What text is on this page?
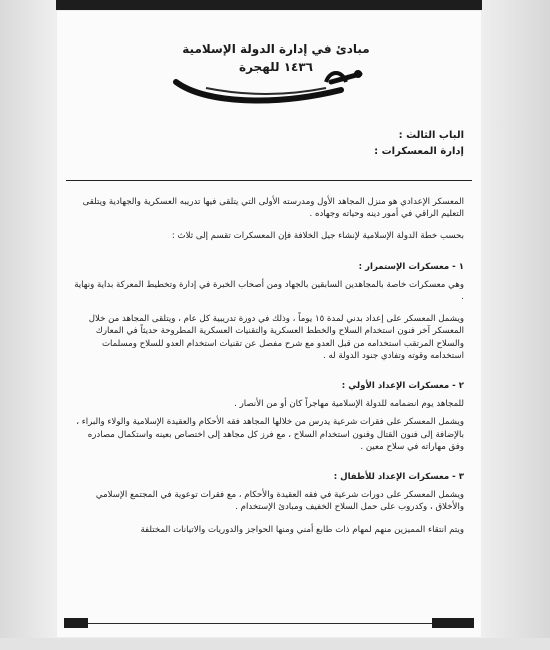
مبادئ في إدارة الدولة الإسلامية
١٤٣٦ للهجرة

الباب الثالث :

إدارة المعسكرات :

المعسكر الإعدادي هو منزل المجاهد الأول ومدرسته الأولى التي يتلقى فيها تدريبه العسكرية والجهادية ويتلقى التعليم الراقي في أمور دينه وحياته وجهاده .

بحسب خطة الدولة الإسلامية لإنشاء جيل الخلافة فإن المعسكرات تقسم إلى ثلاث :

١ - معسكرات الإستمرار :

وهي معسكرات خاصة بالمجاهدين السابقين بالجهاد ومن أصحاب الخبرة في إدارة وتخطيط المعركة بداية ونهاية .

ويشمل المعسكر على إعداد بدني لمدة ١٥ يوماً ، وذلك في دورة تدريبية كل عام ، ويتلقى المجاهد من خلال المعسكر آخر فنون استخدام السلاح والخطط العسكرية والتقنيات العسكرية المطروحة حديثاً في المعارك والسلاح المرتقب استخدامه من قبل العدو مع شرح مفصل عن تقنيات استخدام العدو للسلاح ومسلمات استخدامه وقوته وتفادي جنود الدولة له .

٢ - معسكرات الإعداد الأولي :

للمجاهد يوم انضمامه للدولة الإسلامية مهاجراً كان أو من الأنصار .

ويشمل المعسكر على فقرات شرعية يدرس من خلالها المجاهد فقه الأحكام والعقيدة الإسلامية والولاء والبراء ، بالإضافة إلى فنون القتال وفنون استخدام السلاح ، مع فرز كل مجاهد إلى اختصاص بعينه واستكمال مصادره وفق مهاراته في سلاح معين .

٣ - معسكرات الإعداد للأطفال :

ويشمل المعسكر على دورات شرعية في فقه العقيدة والأحكام ، مع فقرات توعوية في المجتمع الإسلامي والأخلاق ، وكدروب على حمل السلاح الخفيف ومبادئ الإستخدام .

ويتم انتقاء المميزين منهم لمهام ذات طابع أمني ومنها الحواجز والدوريات والاتيانات المختلفة
